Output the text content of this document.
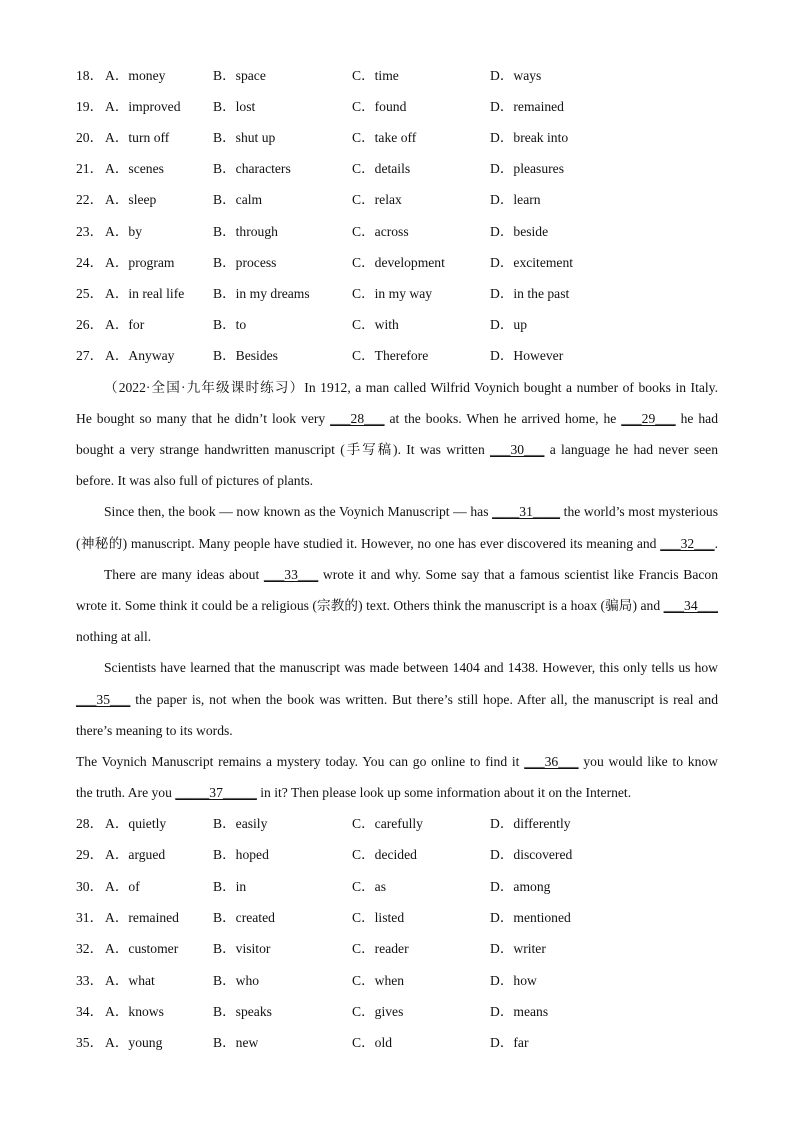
18． A．money	B．space	C．time	D．ways
19． A．improved B．lost	C．found	D．remained
20． A．turn off	B．shut up	C．take off	D．break into
21． A．scenes	B．characters	C．details	D．pleasures
22． A．sleep	B．calm	C．relax	D．learn
23． A．by	B．through	C．across	D．beside
24． A．program	B．process	C．development	D．excitement
25． A．in real life B．in my dreams	C．in my way	D．in the past
26． A．for	B．to	C．with	D．up
27． A．Anyway	B．Besides	C．Therefore	D．However
（2022·全国·九年级课时练习）In 1912, a man called Wilfrid Voynich bought a number of books in Italy.
He bought so many that he didn’t look very ___28___ at the books. When he arrived home, he ___29___ he had
bought a very strange handwritten manuscript (手写稿). It was written ___30___ a language he had never seen
before. It was also full of pictures of plants.
Since then, the book — now known as the Voynich Manuscript — has ____31____ the world’s most mysterious
(神秘的) manuscript. Many people have studied it. However, no one has ever discovered its meaning and ___32___.
There are many ideas about ___33___ wrote it and why. Some say that a famous scientist like Francis Bacon
wrote it. Some think it could be a religious (宗教的) text. Others think the manuscript is a hoax (骗局) and ___34___
nothing at all.
Scientists have learned that the manuscript was made between 1404 and 1438. However, this only tells us how
___35___ the paper is, not when the book was written. But there’s still hope. After all, the manuscript is real and
there’s meaning to its words.
The Voynich Manuscript remains a mystery today. You can go online to find it ___36___ you would like to know
the truth. Are you _____37_____ in it? Then please look up some information about it on the Internet.
28． A．quietly	B．easily	C．carefully	D．differently
29． A．argued	B．hoped	C．decided	D．discovered
30． A．of	B．in	C．as	D．among
31． A．remained	B．created	C．listed	D．mentioned
32． A．customer	B．visitor	C．reader	D．writer
33． A．what	B．who	C．when	D．how
34． A．knows	B．speaks	C．gives	D．means
35． A．young	B．new	C．old	D．far
